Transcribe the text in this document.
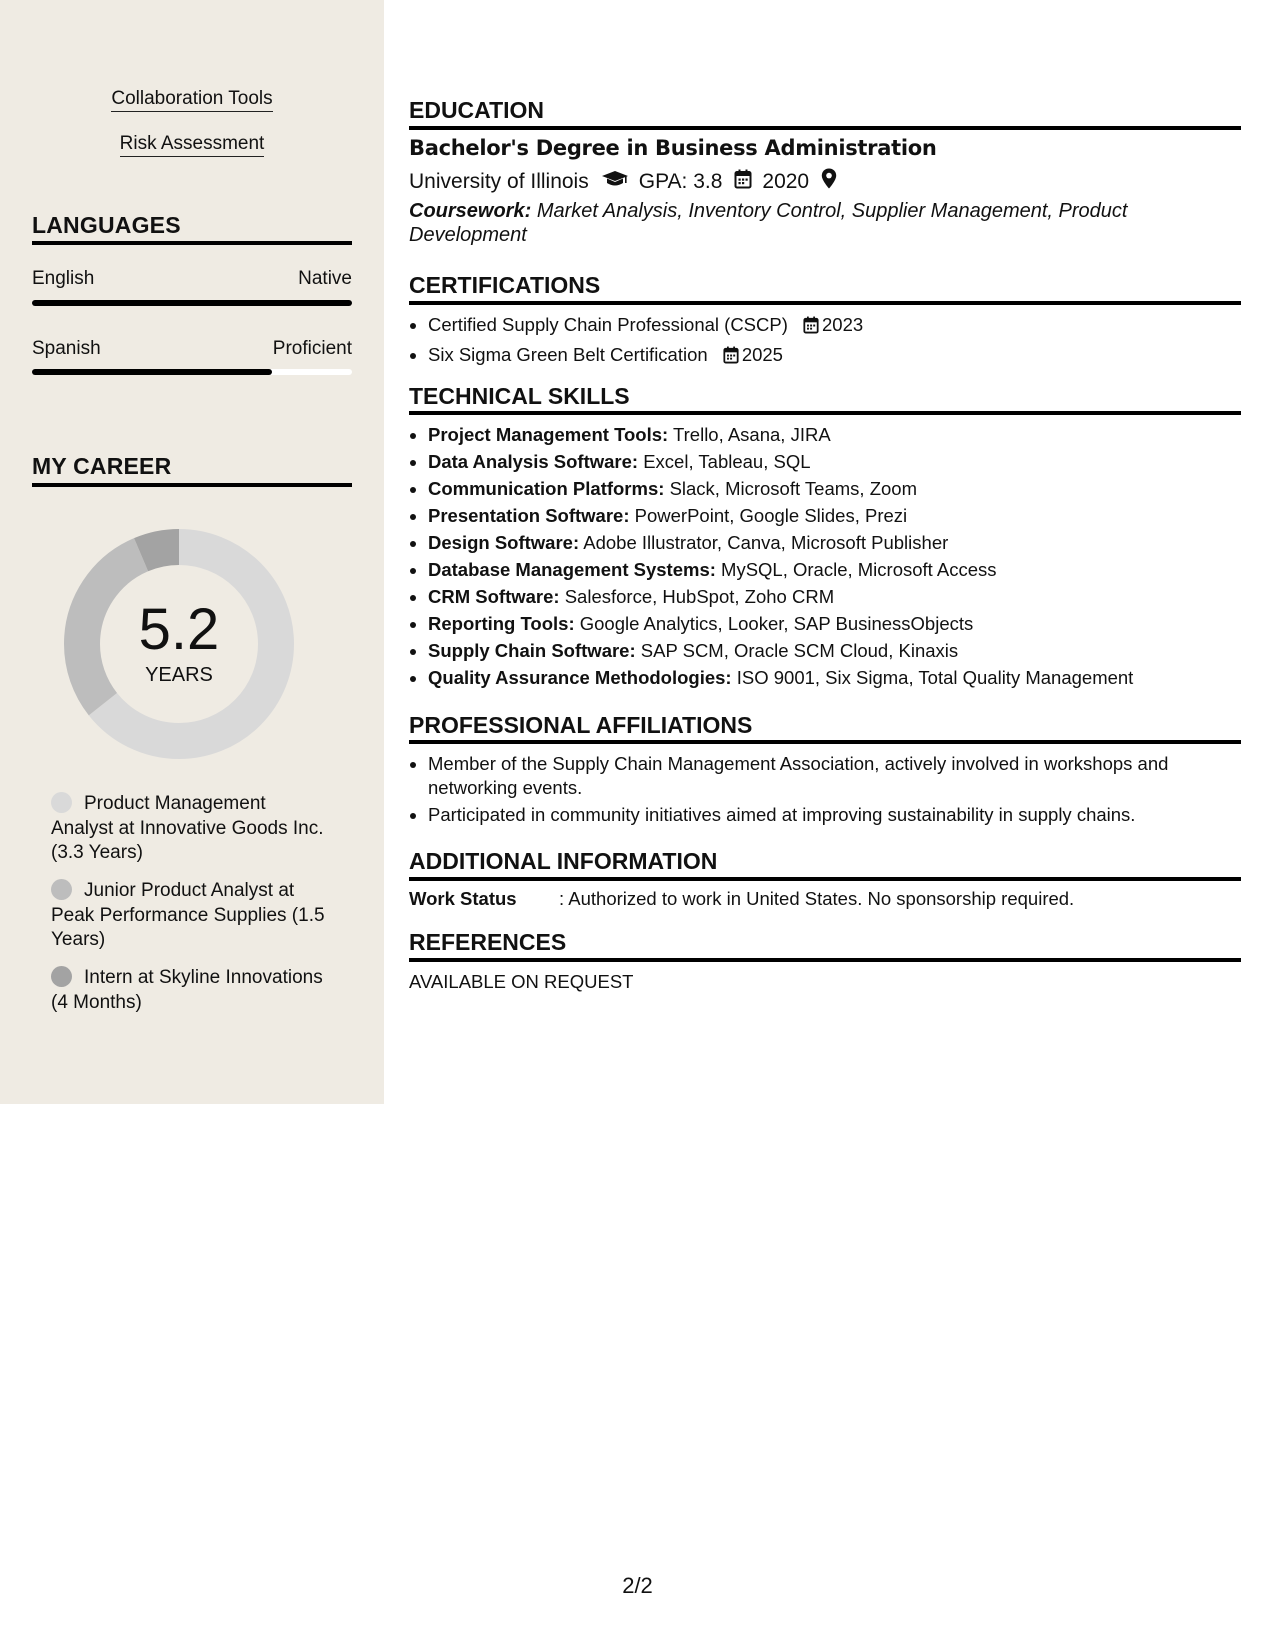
Collaboration Tools
Risk Assessment
LANGUAGES
English	Native
Spanish	Proficient
MY CAREER
5.2
YEARS
Product Management Analyst at Innovative Goods Inc. (3.3 Years)
Junior Product Analyst at Peak Performance Supplies (1.5 Years)
Intern at Skyline Innovations (4 Months)
EDUCATION
Bachelor's Degree in Business Administration
University of Illinois GPA: 3.8 2020
Coursework: Market Analysis, Inventory Control, Supplier Management, Product Development
CERTIFICATIONS
• Certified Supply Chain Professional (CSCP) 2023
• Six Sigma Green Belt Certification 2025
TECHNICAL SKILLS
• Project Management Tools: Trello, Asana, JIRA
• Data Analysis Software: Excel, Tableau, SQL
• Communication Platforms: Slack, Microsoft Teams, Zoom
• Presentation Software: PowerPoint, Google Slides, Prezi
• Design Software: Adobe Illustrator, Canva, Microsoft Publisher
• Database Management Systems: MySQL, Oracle, Microsoft Access
• CRM Software: Salesforce, HubSpot, Zoho CRM
• Reporting Tools: Google Analytics, Looker, SAP BusinessObjects
• Supply Chain Software: SAP SCM, Oracle SCM Cloud, Kinaxis
• Quality Assurance Methodologies: ISO 9001, Six Sigma, Total Quality Management
PROFESSIONAL AFFILIATIONS
• Member of the Supply Chain Management Association, actively involved in workshops and networking events.
• Participated in community initiatives aimed at improving sustainability in supply chains.
ADDITIONAL INFORMATION
Work Status : Authorized to work in United States. No sponsorship required.
REFERENCES
AVAILABLE ON REQUEST
2/2
